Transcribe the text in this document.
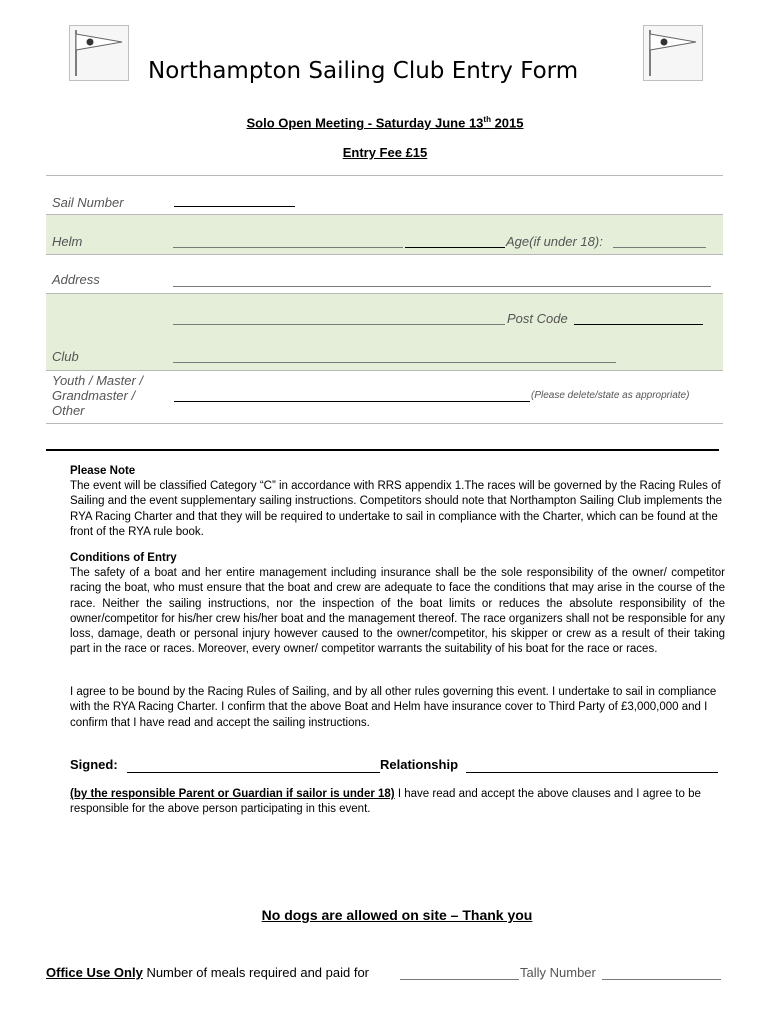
Northampton Sailing Club Entry Form
Solo Open Meeting - Saturday June 13th 2015
Entry Fee £15
Sail Number
Helm	Age(if under 18):
Address
Post Code
Club
Youth / Master /
Grandmaster /
Other
(Please delete/state as appropriate)
Please Note
The event will be classified Category “C” in accordance with RRS appendix 1.The races will be governed by the Racing Rules of Sailing and the event supplementary sailing instructions. Competitors should note that Northampton Sailing Club implements the RYA Racing Charter and that they will be required to undertake to sail in compliance with the Charter, which can be found at the front of the RYA rule book.
Conditions of Entry
The safety of a boat and her entire management including insurance shall be the sole responsibility of the owner/ competitor racing the boat, who must ensure that the boat and crew are adequate to face the conditions that may arise in the course of the race. Neither the sailing instructions, nor the inspection of the boat limits or reduces the absolute responsibility of the owner/competitor for his/her crew his/her boat and the management thereof. The race organizers shall not be responsible for any loss, damage, death or personal injury however caused to the owner/competitor, his skipper or crew as a result of their taking part in the race or races. Moreover, every owner/ competitor warrants the suitability of his boat for the race or races.
I agree to be bound by the Racing Rules of Sailing, and by all other rules governing this event. I undertake to sail in compliance with the RYA Racing Charter. I confirm that the above Boat and Helm have insurance cover to Third Party of £3,000,000 and I confirm that I have read and accept the sailing instructions.
Signed:	Relationship
(by the responsible Parent or Guardian if sailor is under 18) I have read and accept the above clauses and I agree to be responsible for the above person participating in this event.
No dogs are allowed on site – Thank you
Office Use Only Number of meals required and paid for	Tally Number
